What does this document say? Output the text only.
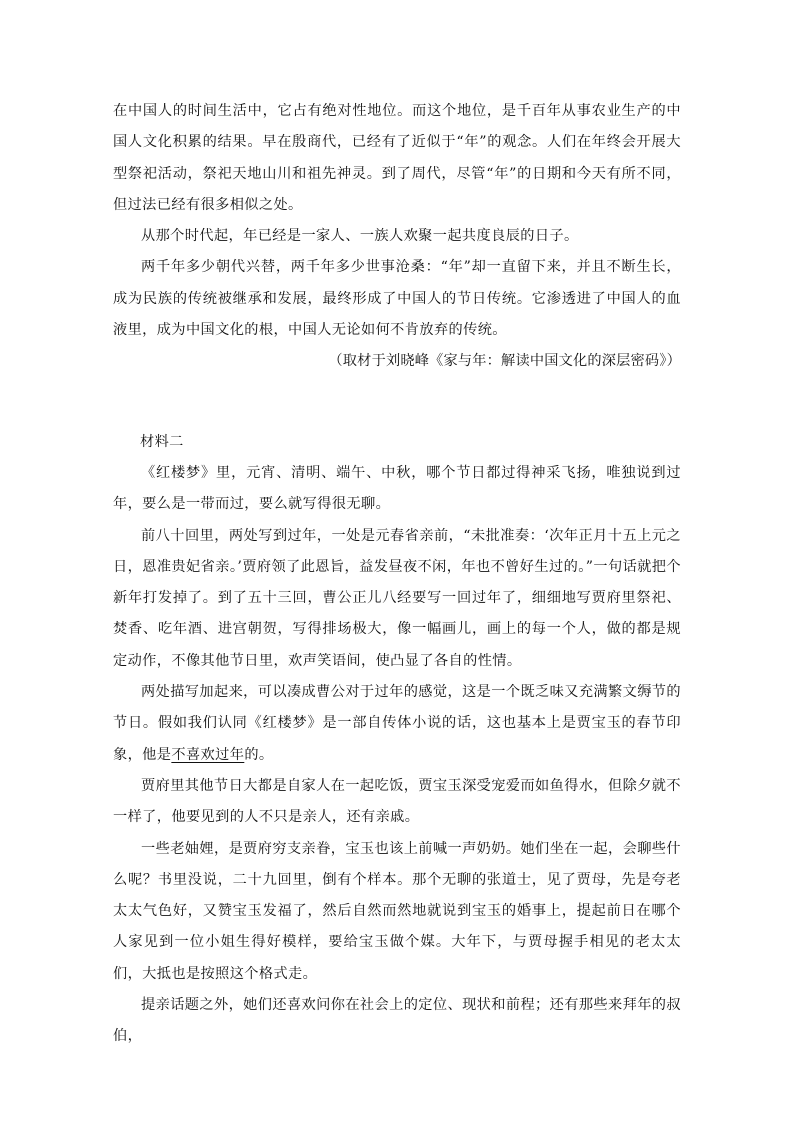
在中国人的时间生活中，它占有绝对性地位。而这个地位，是千百年从事农业生产的中国人文化积累的结果。早在殷商代，已经有了近似于“年”的观念。人们在年终会开展大型祭祀活动，祭祀天地山川和祖先神灵。到了周代，尽管“年”的日期和今天有所不同，但过法已经有很多相似之处。

从那个时代起，年已经是一家人、一族人欢聚一起共度良辰的日子。

两千年多少朝代兴替，两千年多少世事沧桑：“年”却一直留下来，并且不断生长，成为民族的传统被继承和发展，最终形成了中国人的节日传统。它渗透进了中国人的血液里，成为中国文化的根，中国人无论如何不肯放弃的传统。

（取材于刘晓峰《家与年：解读中国文化的深层密码》）

材料二

《红楼梦》里，元宵、清明、端午、中秋，哪个节日都过得神采飞扬，唯独说到过年，要么是一带而过，要么就写得很无聊。

前八十回里，两处写到过年，一处是元春省亲前，“未批准奏：‘次年正月十五上元之日，恩准贵妃省亲。’贾府领了此恩旨，益发昼夜不闲，年也不曾好生过的。”一句话就把个新年打发掉了。到了五十三回，曹公正儿八经要写一回过年了，细细地写贾府里祭祀、焚香、吃年酒、进宫朝贺，写得排场极大，像一幅画儿，画上的每一个人，做的都是规定动作，不像其他节日里，欢声笑语间，使凸显了各自的性情。

两处描写加起来，可以凑成曹公对于过年的感觉，这是一个既乏味又充满繁文缛节的节日。假如我们认同《红楼梦》是一部自传体小说的话，这也基本上是贾宝玉的春节印象，他是不喜欢过年的。

贾府里其他节日大都是自家人在一起吃饭，贾宝玉深受宠爱而如鱼得水，但除夕就不一样了，他要见到的人不只是亲人，还有亲戚。

一些老妯娌，是贾府穷支亲眷，宝玉也该上前喊一声奶奶。她们坐在一起，会聊些什么呢？书里没说，二十九回里，倒有个样本。那个无聊的张道士，见了贾母，先是夸老太太气色好，又赞宝玉发福了，然后自然而然地就说到宝玉的婚事上，提起前日在哪个人家见到一位小姐生得好模样，要给宝玉做个媒。大年下，与贾母握手相见的老太太们，大抵也是按照这个格式走。

提亲话题之外，她们还喜欢问你在社会上的定位、现状和前程；还有那些来拜年的叔伯，
